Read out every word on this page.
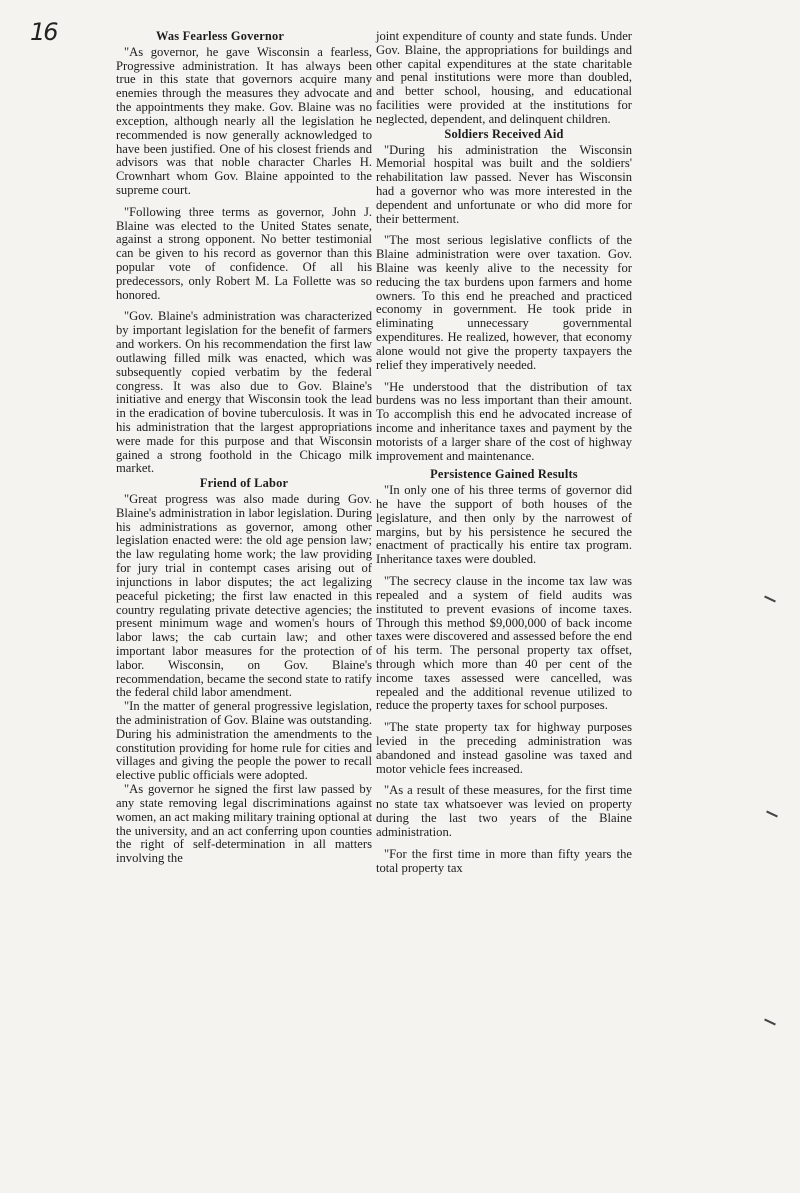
16	Was Fearless Governor

"As governor, he gave Wisconsin a fearless, Progressive administration. It has always been true in this state that governors acquire many enemies through the measures they advocate and the appointments they make. Gov. Blaine was no exception, although nearly all the legislation he recommended is now generally acknowledged to have been justified. One of his closest friends and advisors was that noble character Charles H. Crownhart whom Gov. Blaine appointed to the supreme court.

"Following three terms as governor, John J. Blaine was elected to the United States senate, against a strong opponent. No better testimonial can be given to his record as governor than this popular vote of confidence. Of all his predecessors, only Robert M. La Follette was so honored.

"Gov. Blaine's administration was characterized by important legislation for the benefit of farmers and workers. On his recommendation the first law outlawing filled milk was enacted, which was subsequently copied verbatim by the federal congress. It was also due to Gov. Blaine's initiative and energy that Wisconsin took the lead in the eradication of bovine tuberculosis. It was in his administration that the largest appropriations were made for this purpose and that Wisconsin gained a strong foothold in the Chicago milk market.

Friend of Labor

"Great progress was also made during Gov. Blaine's administration in labor legislation. During his administrations as governor, among other legislation enacted were: the old age pension law; the law regulating home work; the law providing for jury trial in contempt cases arising out of injunctions in labor disputes; the act legalizing peaceful picketing; the first law enacted in this country regulating private detective agencies; the present minimum wage and women's hours of labor laws; the cab curtain law; and other important labor measures for the protection of labor. Wisconsin, on Gov. Blaine's recommendation, became the second state to ratify the federal child labor amendment.

"In the matter of general progressive legislation, the administration of Gov. Blaine was outstanding. During his administration the amendments to the constitution providing for home rule for cities and villages and giving the people the power to recall elective public officials were adopted.

"As governor he signed the first law passed by any state removing legal discriminations against women, an act making military training optional at the university, and an act conferring upon counties the right of self-determination in all matters involving the

joint expenditure of county and state funds. Under Gov. Blaine, the appropriations for buildings and other capital expenditures at the state charitable and penal institutions were more than doubled, and better school, housing, and educational facilities were provided at the institutions for neglected, dependent, and delinquent children.

Soldiers Received Aid

"During his administration the Wisconsin Memorial hospital was built and the soldiers' rehabilitation law passed. Never has Wisconsin had a governor who was more interested in the dependent and unfortunate or who did more for their betterment.

"The most serious legislative conflicts of the Blaine administration were over taxation. Gov. Blaine was keenly alive to the necessity for reducing the tax burdens upon farmers and home owners. To this end he preached and practiced economy in government. He took pride in eliminating unnecessary governmental expenditures. He realized, however, that economy alone would not give the property taxpayers the relief they imperatively needed.

"He understood that the distribution of tax burdens was no less important than their amount. To accomplish this end he advocated increase of income and inheritance taxes and payment by the motorists of a larger share of the cost of highway improvement and maintenance.

Persistence Gained Results

"In only one of his three terms of governor did he have the support of both houses of the legislature, and then only by the narrowest of margins, but by his persistence he secured the enactment of practically his entire tax program. Inheritance taxes were doubled.

"The secrecy clause in the income tax law was repealed and a system of field audits was instituted to prevent evasions of income taxes. Through this method $9,000,000 of back income taxes were discovered and assessed before the end of his term. The personal property tax offset, through which more than 40 per cent of the income taxes assessed were cancelled, was repealed and the additional revenue utilized to reduce the property taxes for school purposes.

"The state property tax for highway purposes levied in the preceding administration was abandoned and instead gasoline was taxed and motor vehicle fees increased.

"As a result of these measures, for the first time no state tax whatsoever was levied on property during the last two years of the Blaine administration.

"For the first time in more than fifty years the total property tax
